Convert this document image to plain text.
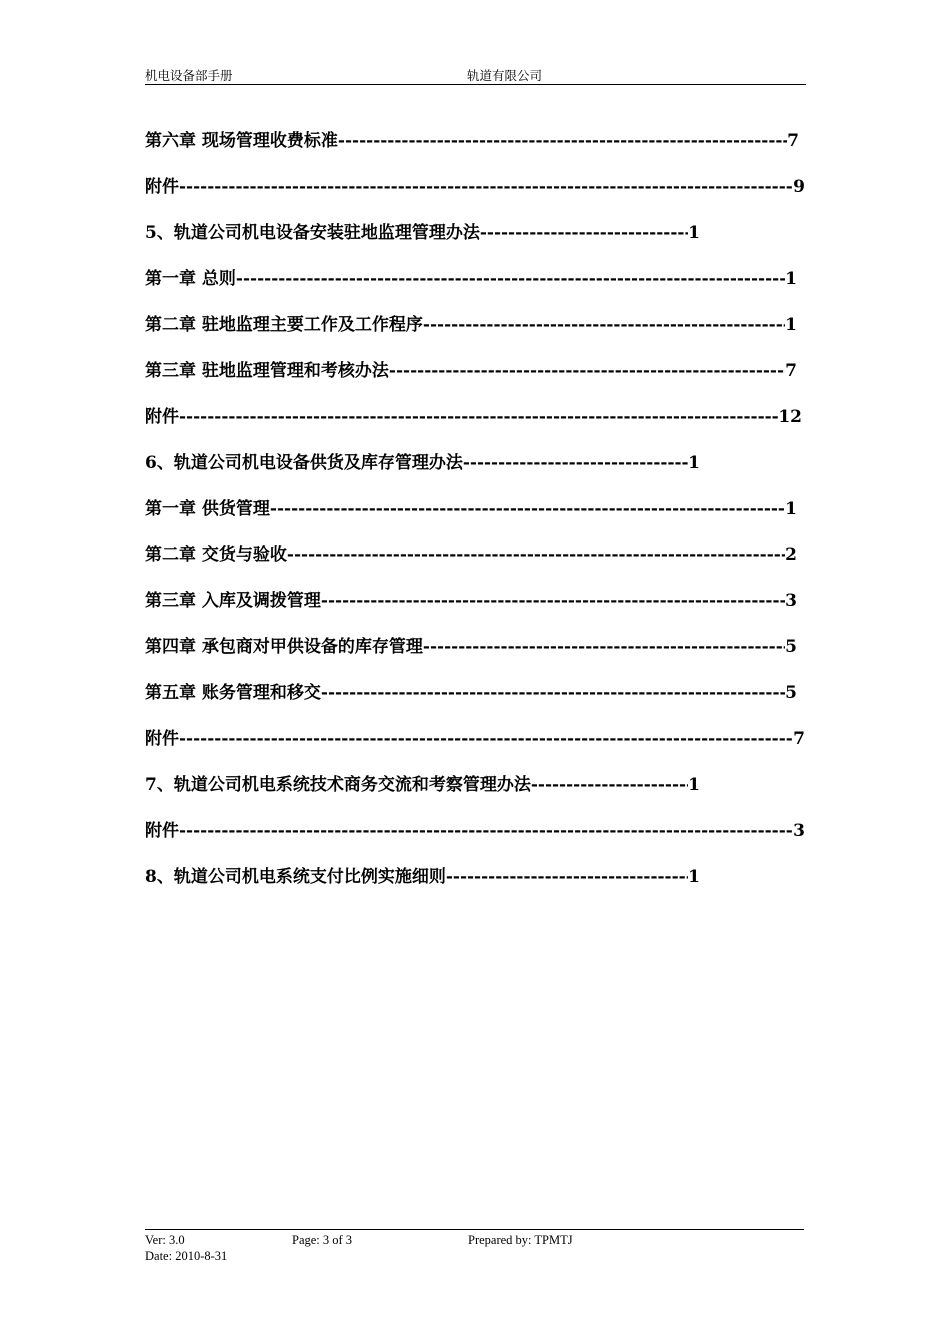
机电设备部手册	轨道有限公司
第六章 现场管理收费标准 -----	7
附件 -----	9
5、轨道公司机电设备安装驻地监理管理办法 -----	1
第一章 总则 -----	1
第二章 驻地监理主要工作及工作程序 -----	1
第三章 驻地监理管理和考核办法 -----	7
附件 -----	12
6、轨道公司机电设备供货及库存管理办法 -----	1
第一章 供货管理 -----	1
第二章 交货与验收 -----	2
第三章 入库及调拨管理 -----	3
第四章 承包商对甲供设备的库存管理 -----	5
第五章 账务管理和移交 -----	5
附件 -----	7
7、轨道公司机电系统技术商务交流和考察管理办法 -----	1
附件 -----	3
8、轨道公司机电系统支付比例实施细则 -----	1
Ver: 3.0	Page: 3 of 3	Prepared by: TPMTJ
Date: 2010-8-31
